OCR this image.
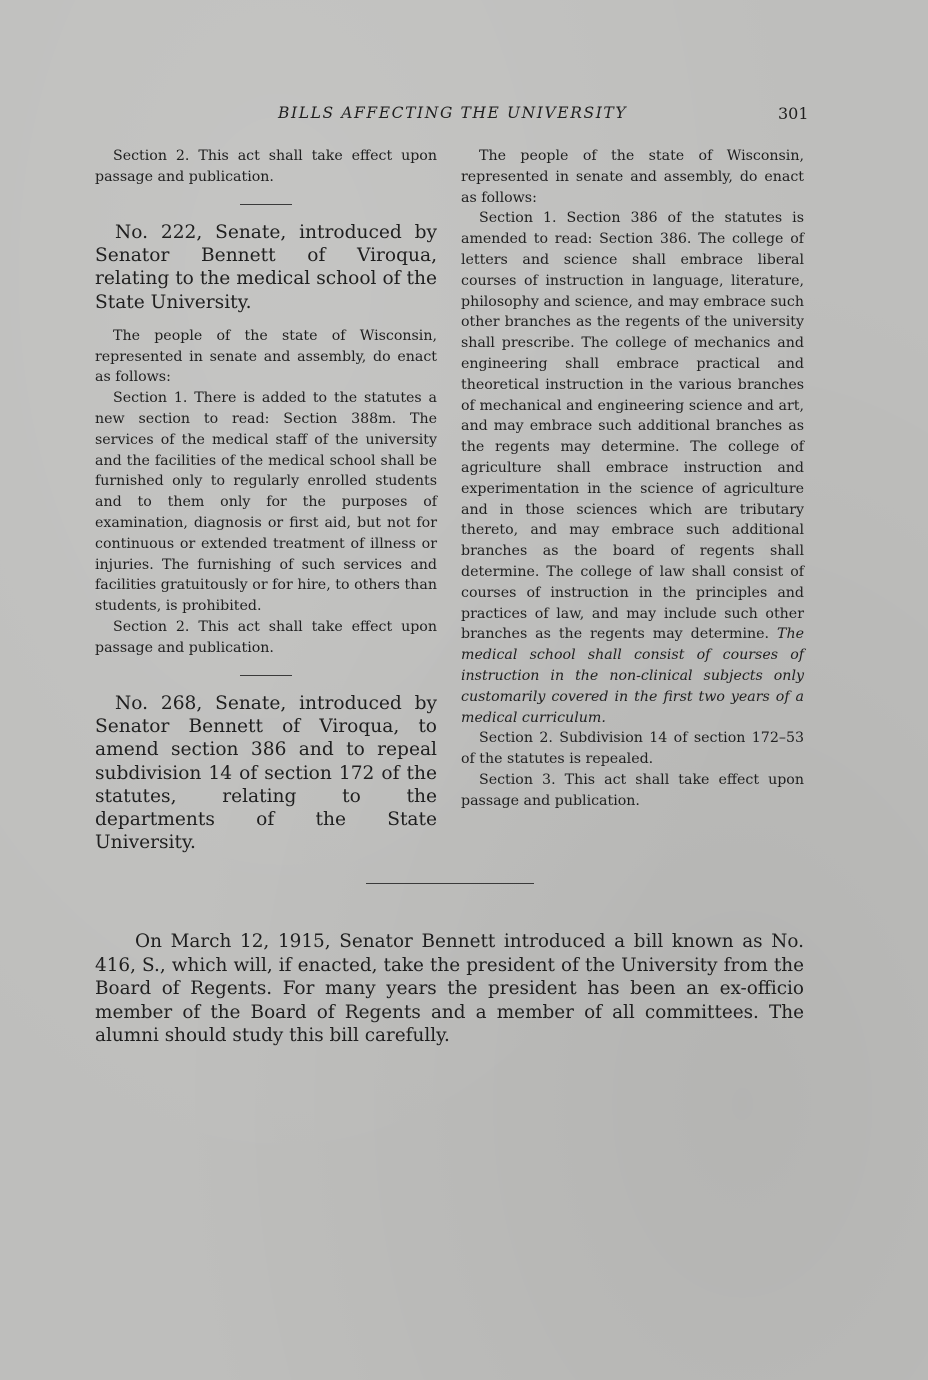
BILLS AFFECTING THE UNIVERSITY	301

Section 2. This act shall take effect upon passage and publication.

No. 222, Senate, introduced by Senator Bennett of Viroqua, relating to the medical school of the State University.

The people of the state of Wisconsin, represented in senate and assembly, do enact as follows:

Section 1. There is added to the statutes a new section to read: Section 388m. The services of the medical staff of the university and the facilities of the medical school shall be furnished only to regularly enrolled students and to them only for the purposes of examination, diagnosis or first aid, but not for continuous or extended treatment of illness or injuries. The furnishing of such services and facilities gratuitously or for hire, to others than students, is prohibited.

Section 2. This act shall take effect upon passage and publication.

No. 268, Senate, introduced by Senator Bennett of Viroqua, to amend section 386 and to repeal subdivision 14 of section 172 of the statutes, relating to the departments of the State University.

The people of the state of Wisconsin, represented in senate and assembly, do enact as follows:

Section 1. Section 386 of the statutes is amended to read: Section 386. The college of letters and science shall embrace liberal courses of instruction in language, literature, philosophy and science, and may embrace such other branches as the regents of the university shall prescribe. The college of mechanics and engineering shall embrace practical and theoretical instruction in the various branches of mechanical and engineering science and art, and may embrace such additional branches as the regents may determine. The college of agriculture shall embrace instruction and experimentation in the science of agriculture and in those sciences which are tributary thereto, and may embrace such additional branches as the board of regents shall determine. The college of law shall consist of courses of instruction in the principles and practices of law, and may include such other branches as the regents may determine. The medical school shall consist of courses of instruction in the non-clinical subjects only customarily covered in the first two years of a medical curriculum.

Section 2. Subdivision 14 of section 172–53 of the statutes is repealed.

Section 3. This act shall take effect upon passage and publication.

On March 12, 1915, Senator Bennett introduced a bill known as No. 416, S., which will, if enacted, take the president of the University from the Board of Regents. For many years the president has been an ex-officio member of the Board of Regents and a member of all committees. The alumni should study this bill carefully.
